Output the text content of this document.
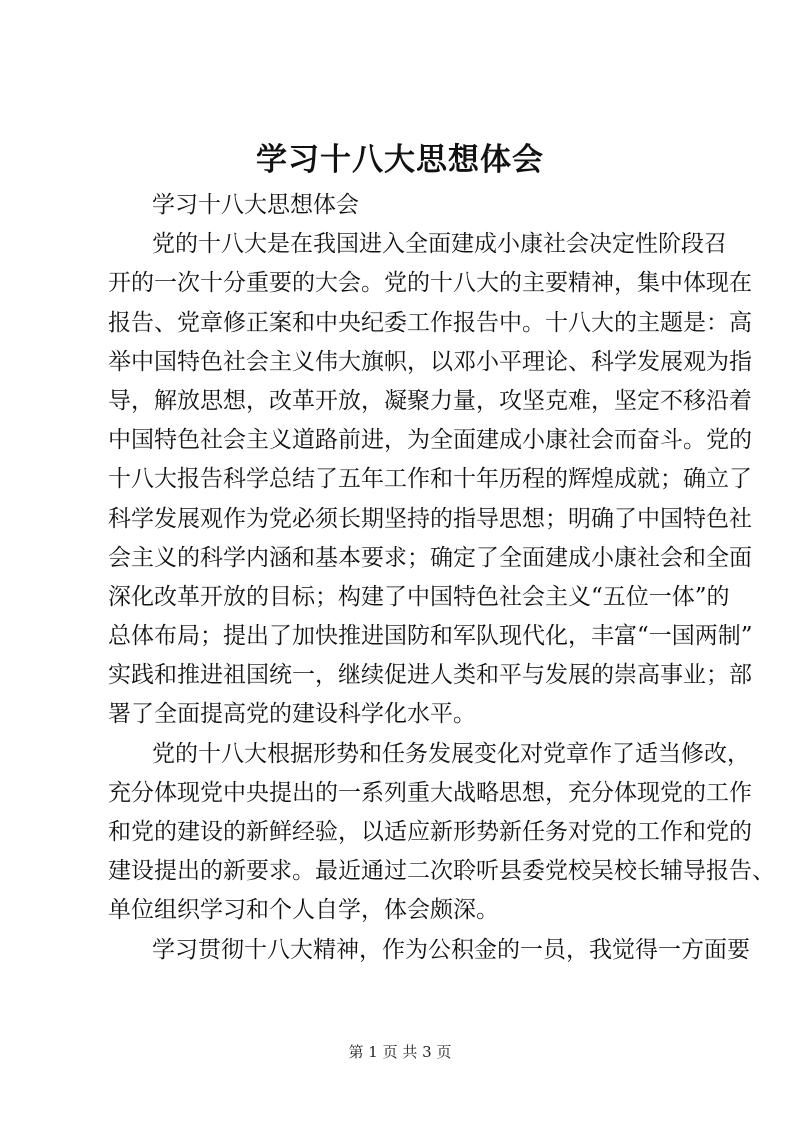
学习十八大思想体会
学习十八大思想体会
党的十八大是在我国进入全面建成小康社会决定性阶段召
开的一次十分重要的大会。党的十八大的主要精神，集中体现在
报告、党章修正案和中央纪委工作报告中。十八大的主题是：高
举中国特色社会主义伟大旗帜，以邓小平理论、科学发展观为指
导，解放思想，改革开放，凝聚力量，攻坚克难，坚定不移沿着
中国特色社会主义道路前进，为全面建成小康社会而奋斗。党的
十八大报告科学总结了五年工作和十年历程的辉煌成就；确立了
科学发展观作为党必须长期坚持的指导思想；明确了中国特色社
会主义的科学内涵和基本要求；确定了全面建成小康社会和全面
深化改革开放的目标；构建了中国特色社会主义“五位一体”的
总体布局；提出了加快推进国防和军队现代化，丰富“一国两制”
实践和推进祖国统一，继续促进人类和平与发展的崇高事业；部
署了全面提高党的建设科学化水平。
党的十八大根据形势和任务发展变化对党章作了适当修改，
充分体现党中央提出的一系列重大战略思想，充分体现党的工作
和党的建设的新鲜经验，以适应新形势新任务对党的工作和党的
建设提出的新要求。最近通过二次聆听县委党校吴校长辅导报告、
单位组织学习和个人自学，体会颇深。
学习贯彻十八大精神，作为公积金的一员，我觉得一方面要
第 1 页 共 3 页
